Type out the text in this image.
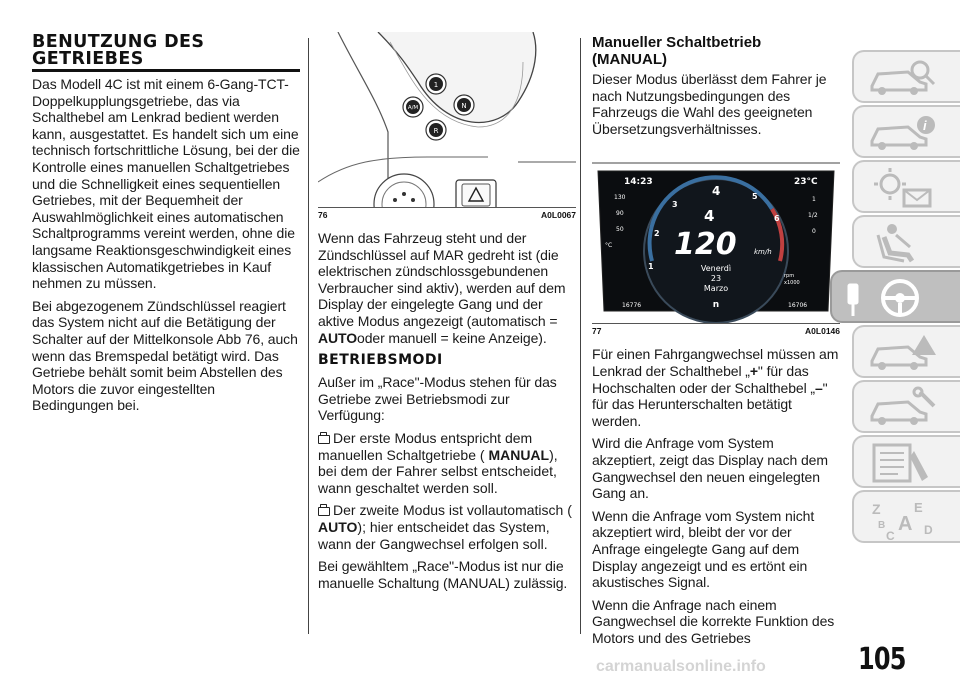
BENUTZUNG DES
GETRIEBES

Das Modell 4C ist mit einem 6-Gang-TCT-Doppelkupplungsgetriebe, das via Schalthebel am Lenkrad bedient werden kann, ausgestattet. Es handelt sich um eine technisch fortschrittliche Lösung, bei der die Kontrolle eines manuellen Schaltgetriebes und die Schnelligkeit eines sequentiellen Getriebes, mit der Bequemheit der Auswahlmöglichkeit eines automatischen Schaltprogramms vereint werden, ohne die langsame Reaktionsgeschwindigkeit eines klassischen Automatikgetriebes in Kauf nehmen zu müssen.

Bei abgezogenem Zündschlüssel reagiert das System nicht auf die Betätigung der Schalter auf der Mittelkonsole Abb 76, auch wenn das Bremspedal betätigt wird. Das Getriebe behält somit beim Abstellen des Motors die zuvor eingestellten Bedingungen bei.

1
A/M	N
R
76	A0L0067

Wenn das Fahrzeug steht und der Zündschlüssel auf MAR gedreht ist (die elektrischen zündschlossgebundenen Verbraucher sind aktiv), werden auf dem Display der eingelegte Gang und der aktive Modus angezeigt (automatisch = AUTOoder manuell = keine Anzeige).

BETRIEBSMODI

Außer im „Race"-Modus stehen für das Getriebe zwei Betriebsmodi zur Verfügung:

Der erste Modus entspricht dem manuellen Schaltgetriebe ( MANUAL), bei dem der Fahrer selbst entscheidet, wann geschaltet werden soll.
Der zweite Modus ist vollautomatisch ( AUTO); hier entscheidet das System, wann der Gangwechsel erfolgen soll.

Bei gewähltem „Race"-Modus ist nur die manuelle Schaltung (MANUAL) zulässig.

Manueller Schaltbetrieb (MANUAL)

Dieser Modus überlässt dem Fahrer je nach Nutzungsbedingungen des Fahrzeugs die Wahl des geeigneten Übersetzungsverhältnisses.

14:23	23°C
130
90
50
°C
1
1/2
0
1
2
3
4	5
6
4
120 km/h
Venerdì
23
Marzo
n
rpm
x1000
16776	16706
77	A0L0146

Für einen Fahrgangwechsel müssen am Lenkrad der Schalthebel „+" für das Hochschalten oder der Schalthebel „–" für das Herunterschalten betätigt werden.

Wird die Anfrage vom System akzeptiert, zeigt das Display nach dem Gangwechsel den neuen eingelegten Gang an.

Wenn die Anfrage vom System nicht akzeptiert wird, bleibt der vor der Anfrage eingelegte Gang auf dem Display angezeigt und es ertönt ein akustisches Signal.

Wenn die Anfrage nach einem Gangwechsel die korrekte Funktion des Motors und des Getriebes

i
Z	E
B A D
C
105
carmanualsonline.info
